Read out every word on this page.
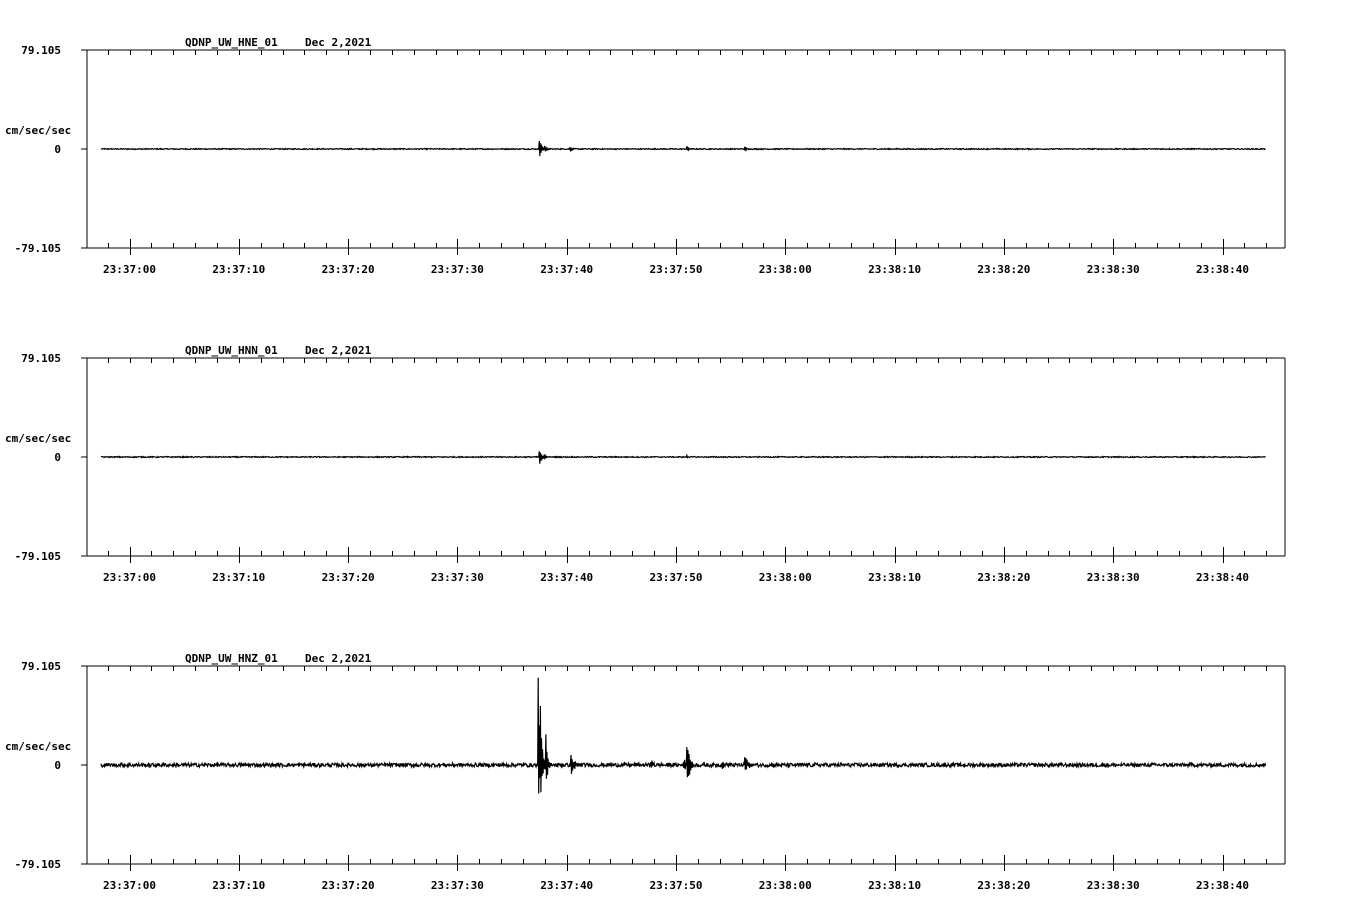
QDNP_UW_HNE_01 Dec 2,2021
79.105
0
-79.105
cm/sec/sec
23:37:00	23:37:10	23:37:20	23:37:30	23:37:40	23:37:50	23:38:00	23:38:10	23:38:20	23:38:30	23:38:40
QDNP_UW_HNN_01 Dec 2,2021
79.105
0
-79.105
cm/sec/sec
23:37:00	23:37:10	23:37:20	23:37:30	23:37:40	23:37:50	23:38:00	23:38:10	23:38:20	23:38:30	23:38:40
QDNP_UW_HNZ_01 Dec 2,2021
79.105
0
-79.105
cm/sec/sec
23:37:00	23:37:10	23:37:20	23:37:30	23:37:40	23:37:50	23:38:00	23:38:10	23:38:20	23:38:30	23:38:40
